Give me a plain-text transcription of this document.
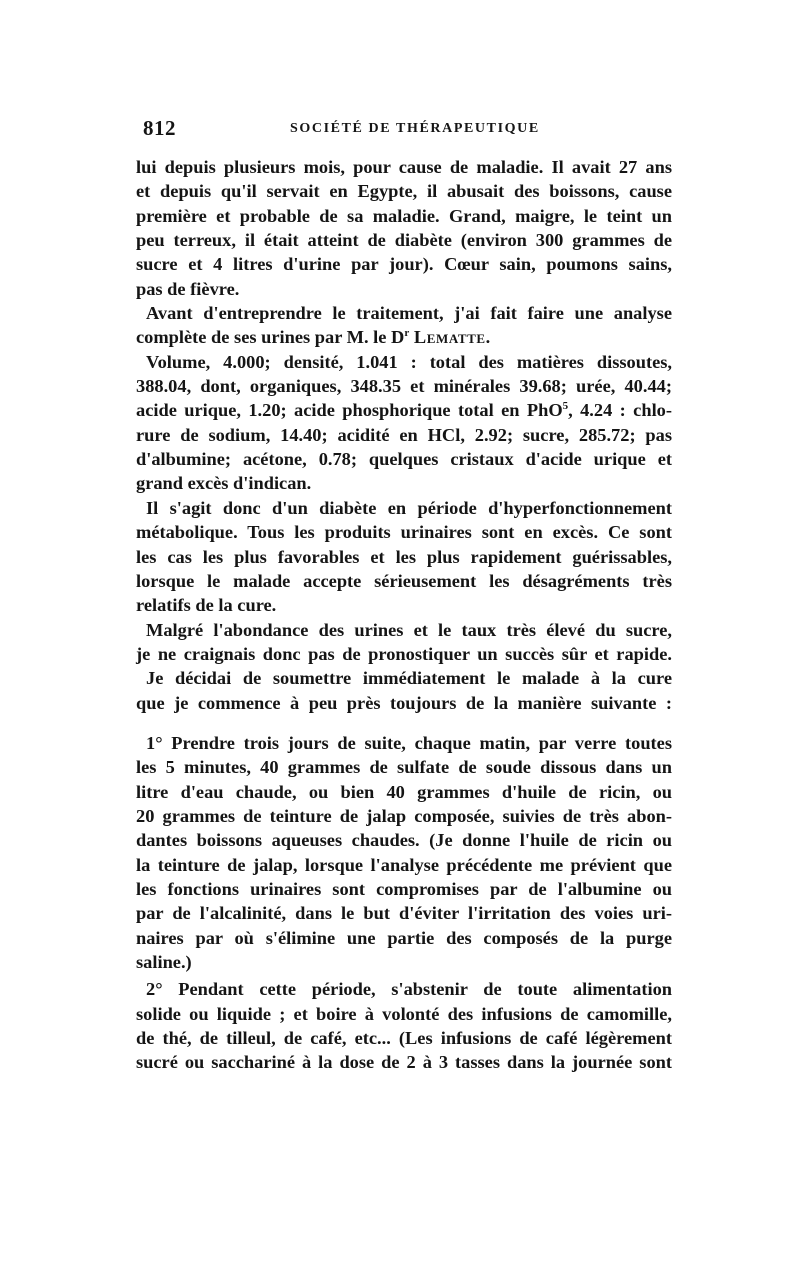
812	SOCIÉTÉ DE THÉRAPEUTIQUE
lui depuis plusieurs mois, pour cause de maladie. Il avait 27 ans
et depuis qu'il servait en Egypte, il abusait des boissons, cause
première et probable de sa maladie. Grand, maigre, le teint un
peu terreux, il était atteint de diabète (environ 300 grammes de
sucre et 4 litres d'urine par jour). Cœur sain, poumons sains,
pas de fièvre.
Avant d'entreprendre le traitement, j'ai fait faire une analyse
complète de ses urines par M. le $D^r$ Lematte.
Volume, 4.000; densité, 1.041 : total des matières dissoutes,
388.04, dont, organiques, 348.35 et minérales 39.68; urée, 40.44;
acide urique, 1.20; acide phosphorique total en PhO$^5$, 4.24 : chlo-
rure de sodium, 14.40; acidité en HCl, 2.92; sucre, 285.72; pas
d'albumine; acétone, 0.78; quelques cristaux d'acide urique et
grand excès d'indican.
Il s'agit donc d'un diabète en période d'hyperfonctionnement
métabolique. Tous les produits urinaires sont en excès. Ce sont
les cas les plus favorables et les plus rapidement guérissables,
lorsque le malade accepte sérieusement les désagréments très
relatifs de la cure.
Malgré l'abondance des urines et le taux très élevé du sucre,
je ne craignais donc pas de pronostiquer un succès sûr et rapide.
Je décidai de soumettre immédiatement le malade à la cure
que je commence à peu près toujours de la manière suivante :
1° Prendre trois jours de suite, chaque matin, par verre toutes
les 5 minutes, 40 grammes de sulfate de soude dissous dans un
litre d'eau chaude, ou bien 40 grammes d'huile de ricin, ou
20 grammes de teinture de jalap composée, suivies de très abon-
dantes boissons aqueuses chaudes. (Je donne l'huile de ricin ou
la teinture de jalap, lorsque l'analyse précédente me prévient que
les fonctions urinaires sont compromises par de l'albumine ou
par de l'alcalinité, dans le but d'éviter l'irritation des voies uri-
naires par où s'élimine une partie des composés de la purge
saline.)
2° Pendant cette période, s'abstenir de toute alimentation
solide ou liquide ; et boire à volonté des infusions de camomille,
de thé, de tilleul, de café, etc... (Les infusions de café légèrement
sucré ou sacchariné à la dose de 2 à 3 tasses dans la journée sont
